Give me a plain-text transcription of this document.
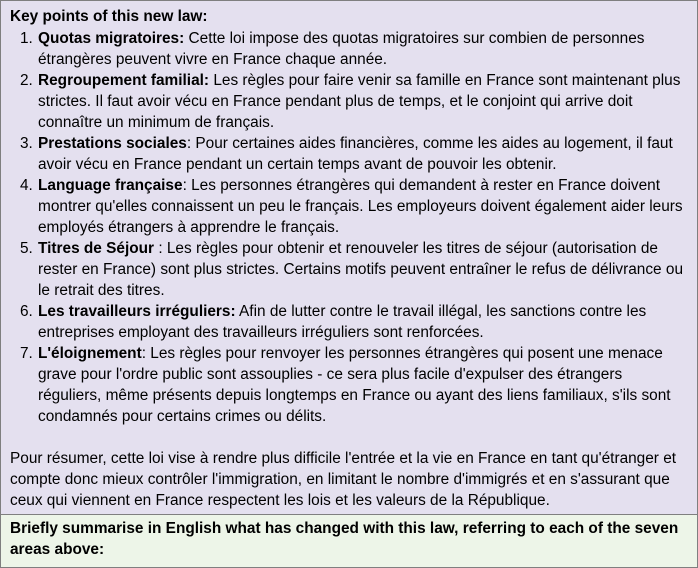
Key points of this new law:
1. Quotas migratoires: Cette loi impose des quotas migratoires sur combien de personnes étrangères peuvent vivre en France chaque année.
2. Regroupement familial: Les règles pour faire venir sa famille en France sont maintenant plus strictes. Il faut avoir vécu en France pendant plus de temps, et le conjoint qui arrive doit connaître un minimum de français.
3. Prestations sociales: Pour certaines aides financières, comme les aides au logement, il faut avoir vécu en France pendant un certain temps avant de pouvoir les obtenir.
4. Language française: Les personnes étrangères qui demandent à rester en France doivent montrer qu'elles connaissent un peu le français. Les employeurs doivent également aider leurs employés étrangers à apprendre le français.
5. Titres de Séjour : Les règles pour obtenir et renouveler les titres de séjour (autorisation de rester en France) sont plus strictes. Certains motifs peuvent entraîner le refus de délivrance ou le retrait des titres.
6. Les travailleurs irréguliers: Afin de lutter contre le travail illégal, les sanctions contre les entreprises employant des travailleurs irréguliers sont renforcées.
7. L'éloignement: Les règles pour renvoyer les personnes étrangères qui posent une menace grave pour l'ordre public sont assouplies - ce sera plus facile d'expulser des étrangers réguliers, même présents depuis longtemps en France ou ayant des liens familiaux, s'ils sont condamnés pour certains crimes ou délits.
Pour résumer, cette loi vise à rendre plus difficile l'entrée et la vie en France en tant qu'étranger et compte donc mieux contrôler l'immigration, en limitant le nombre d'immigrés et en s'assurant que ceux qui viennent en France respectent les lois et les valeurs de la République.
Briefly summarise in English what has changed with this law, referring to each of the seven areas above:
